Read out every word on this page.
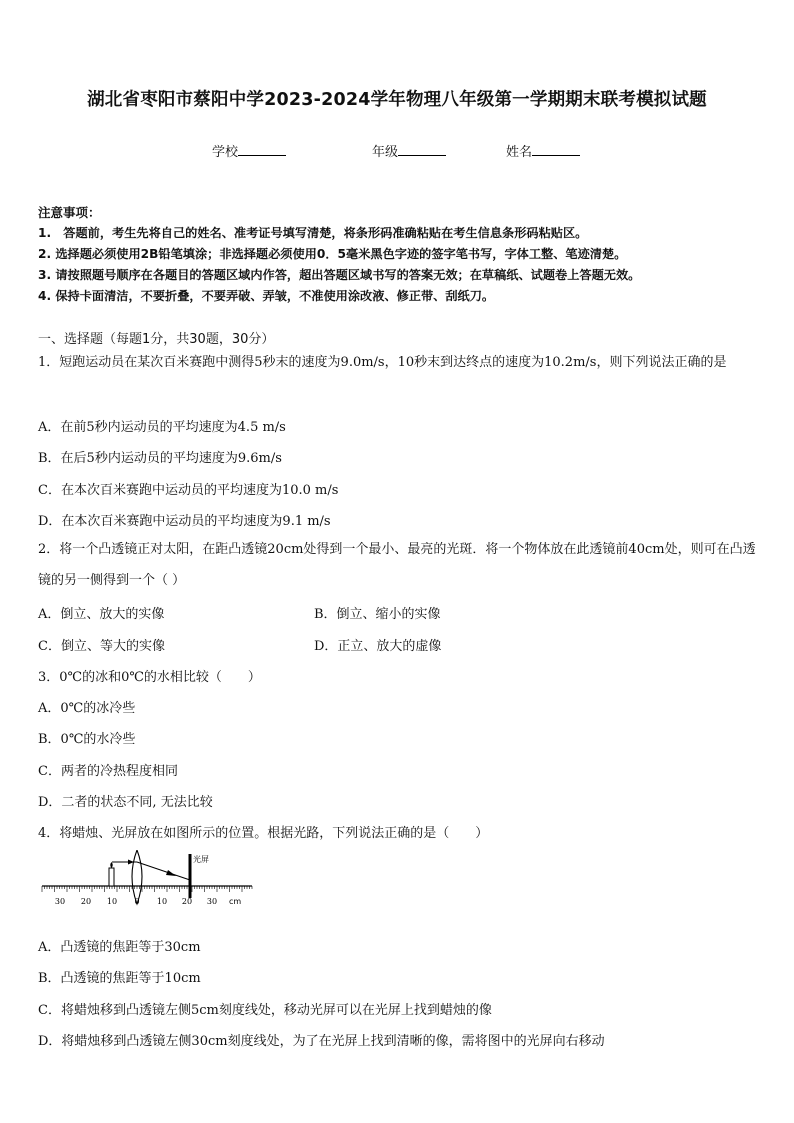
湖北省枣阳市蔡阳中学2023-2024学年物理八年级第一学期期末联考模拟试题
学校	年级	姓名
注意事项：
1.　答题前，考生先将自己的姓名、准考证号填写清楚，将条形码准确粘贴在考生信息条形码粘贴区。
2. 选择题必须使用2B铅笔填涂；非选择题必须使用0．5毫米黑色字迹的签字笔书写，字体工整、笔迹清楚。
3. 请按照题号顺序在各题目的答题区域内作答，超出答题区域书写的答案无效；在草稿纸、试题卷上答题无效。
4. 保持卡面清洁，不要折叠，不要弄破、弄皱，不准使用涂改液、修正带、刮纸刀。
一、选择题（每题1分，共30题，30分）
1．短跑运动员在某次百米赛跑中测得5秒末的速度为9.0m/s，10秒末到达终点的速度为10.2m/s，则下列说法正确的是
A．在前5秒内运动员的平均速度为4.5 m/s
B．在后5秒内运动员的平均速度为9.6m/s
C．在本次百米赛跑中运动员的平均速度为10.0 m/s
D．在本次百米赛跑中运动员的平均速度为9.1 m/s
2．将一个凸透镜正对太阳，在距凸透镜20cm处得到一个最小、最亮的光斑．将一个物体放在此透镜前40cm处，则可在凸透镜的另一侧得到一个（ ）
A．倒立、放大的实像	B．倒立、缩小的实像
C．倒立、等大的实像	D．正立、放大的虚像
3．0℃的冰和0℃的水相比较（　　）
A．0℃的冰冷些
B．0℃的水冷些
C．两者的冷热程度相同
D．二者的状态不同, 无法比较
4．将蜡烛、光屏放在如图所示的位置。根据光路，下列说法正确的是（　　）
光屏
30 20 10 0 10 20 30 cm
A．凸透镜的焦距等于30cm
B．凸透镜的焦距等于10cm
C．将蜡烛移到凸透镜左侧5cm刻度线处，移动光屏可以在光屏上找到蜡烛的像
D．将蜡烛移到凸透镜左侧30cm刻度线处，为了在光屏上找到清晰的像，需将图中的光屏向右移动
